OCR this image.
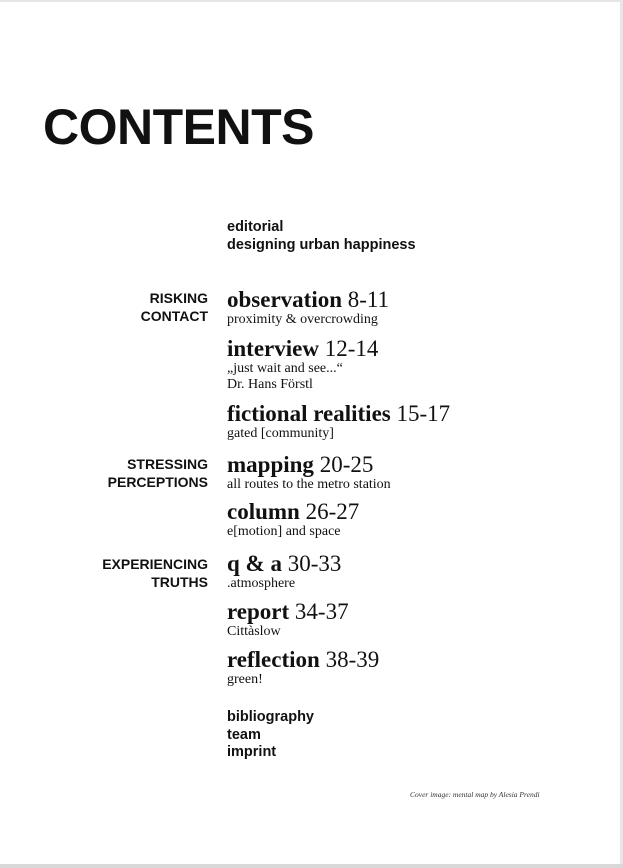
CONTENTS
editorial
designing urban happiness
RISKING
CONTACT
STRESSING
PERCEPTIONS
EXPERIENCING
TRUTHS
observation 8-11
proximity & overcrowding
interview 12-14
„just wait and see...“
Dr. Hans Förstl
fictional realities 15-17
gated [community]
mapping 20-25
all routes to the metro station
column 26-27
e[motion] and space
q & a 30-33
.atmosphere
report 34-37
Cittàslow
reflection 38-39
green!
bibliography
team
imprint
Cover image: mental map by Alesia Prendi
